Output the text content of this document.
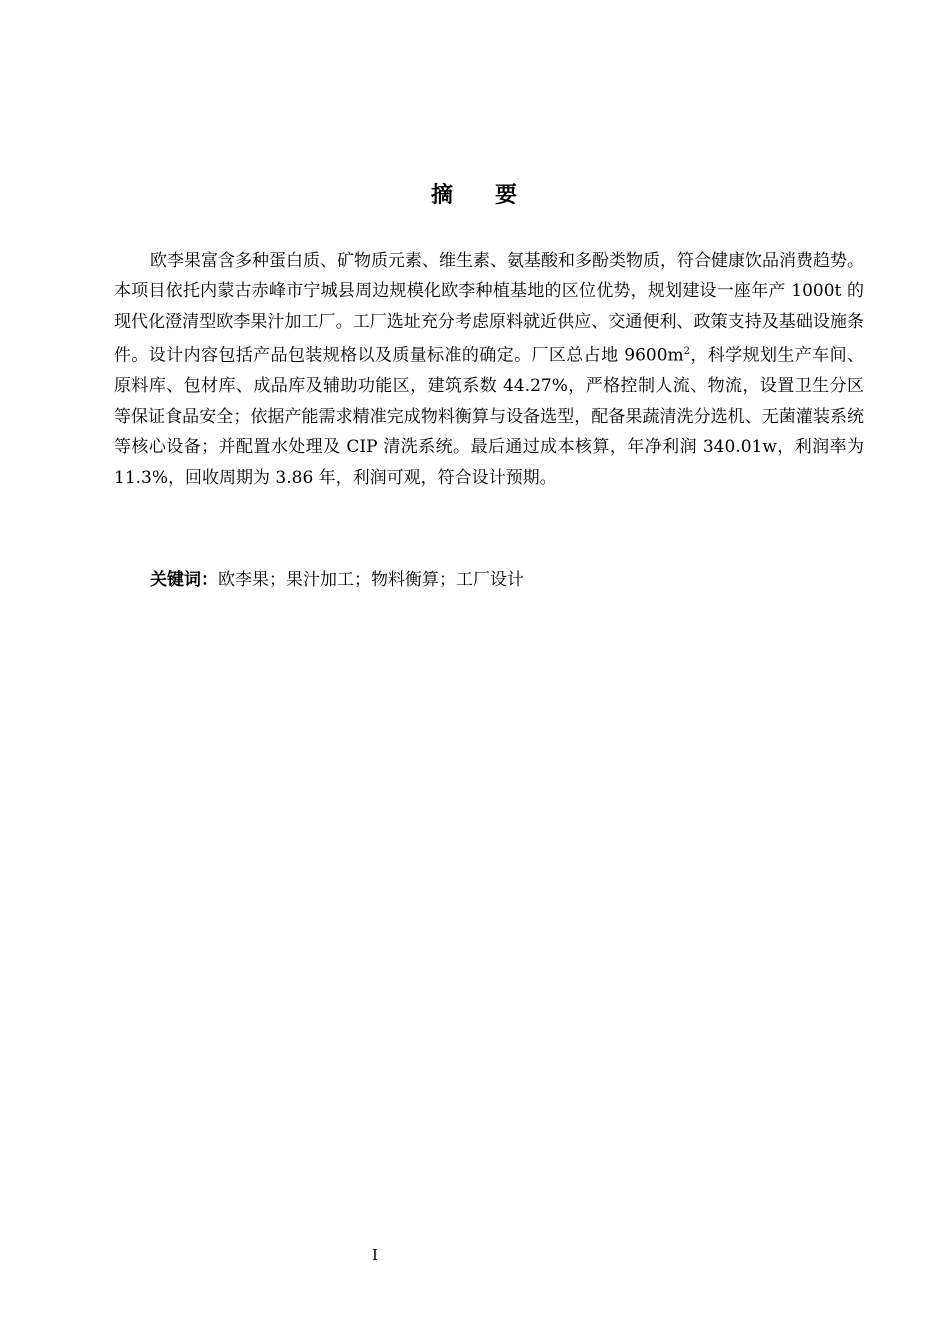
摘 要

欧李果富含多种蛋白质、矿物质元素、维生素、氨基酸和多酚类物质，符合健康饮品消费趋势。本项目依托内蒙古赤峰市宁城县周边规模化欧李种植基地的区位优势，规划建设一座年产 1000t 的现代化澄清型欧李果汁加工厂。工厂选址充分考虑原料就近供应、交通便利、政策支持及基础设施条件。设计内容包括产品包装规格以及质量标准的确定。厂区总占地 $9600m^2$，科学规划生产车间、原料库、包材库、成品库及辅助功能区，建筑系数 44.27%，严格控制人流、物流，设置卫生分区等保证食品安全；依据产能需求精准完成物料衡算与设备选型，配备果蔬清洗分选机、无菌灌装系统等核心设备；并配置水处理及 CIP 清洗系统。最后通过成本核算，年净利润 340.01w，利润率为 11.3%，回收周期为 3.86 年，利润可观，符合设计预期。

关键词：欧李果；果汁加工；物料衡算；工厂设计
I
